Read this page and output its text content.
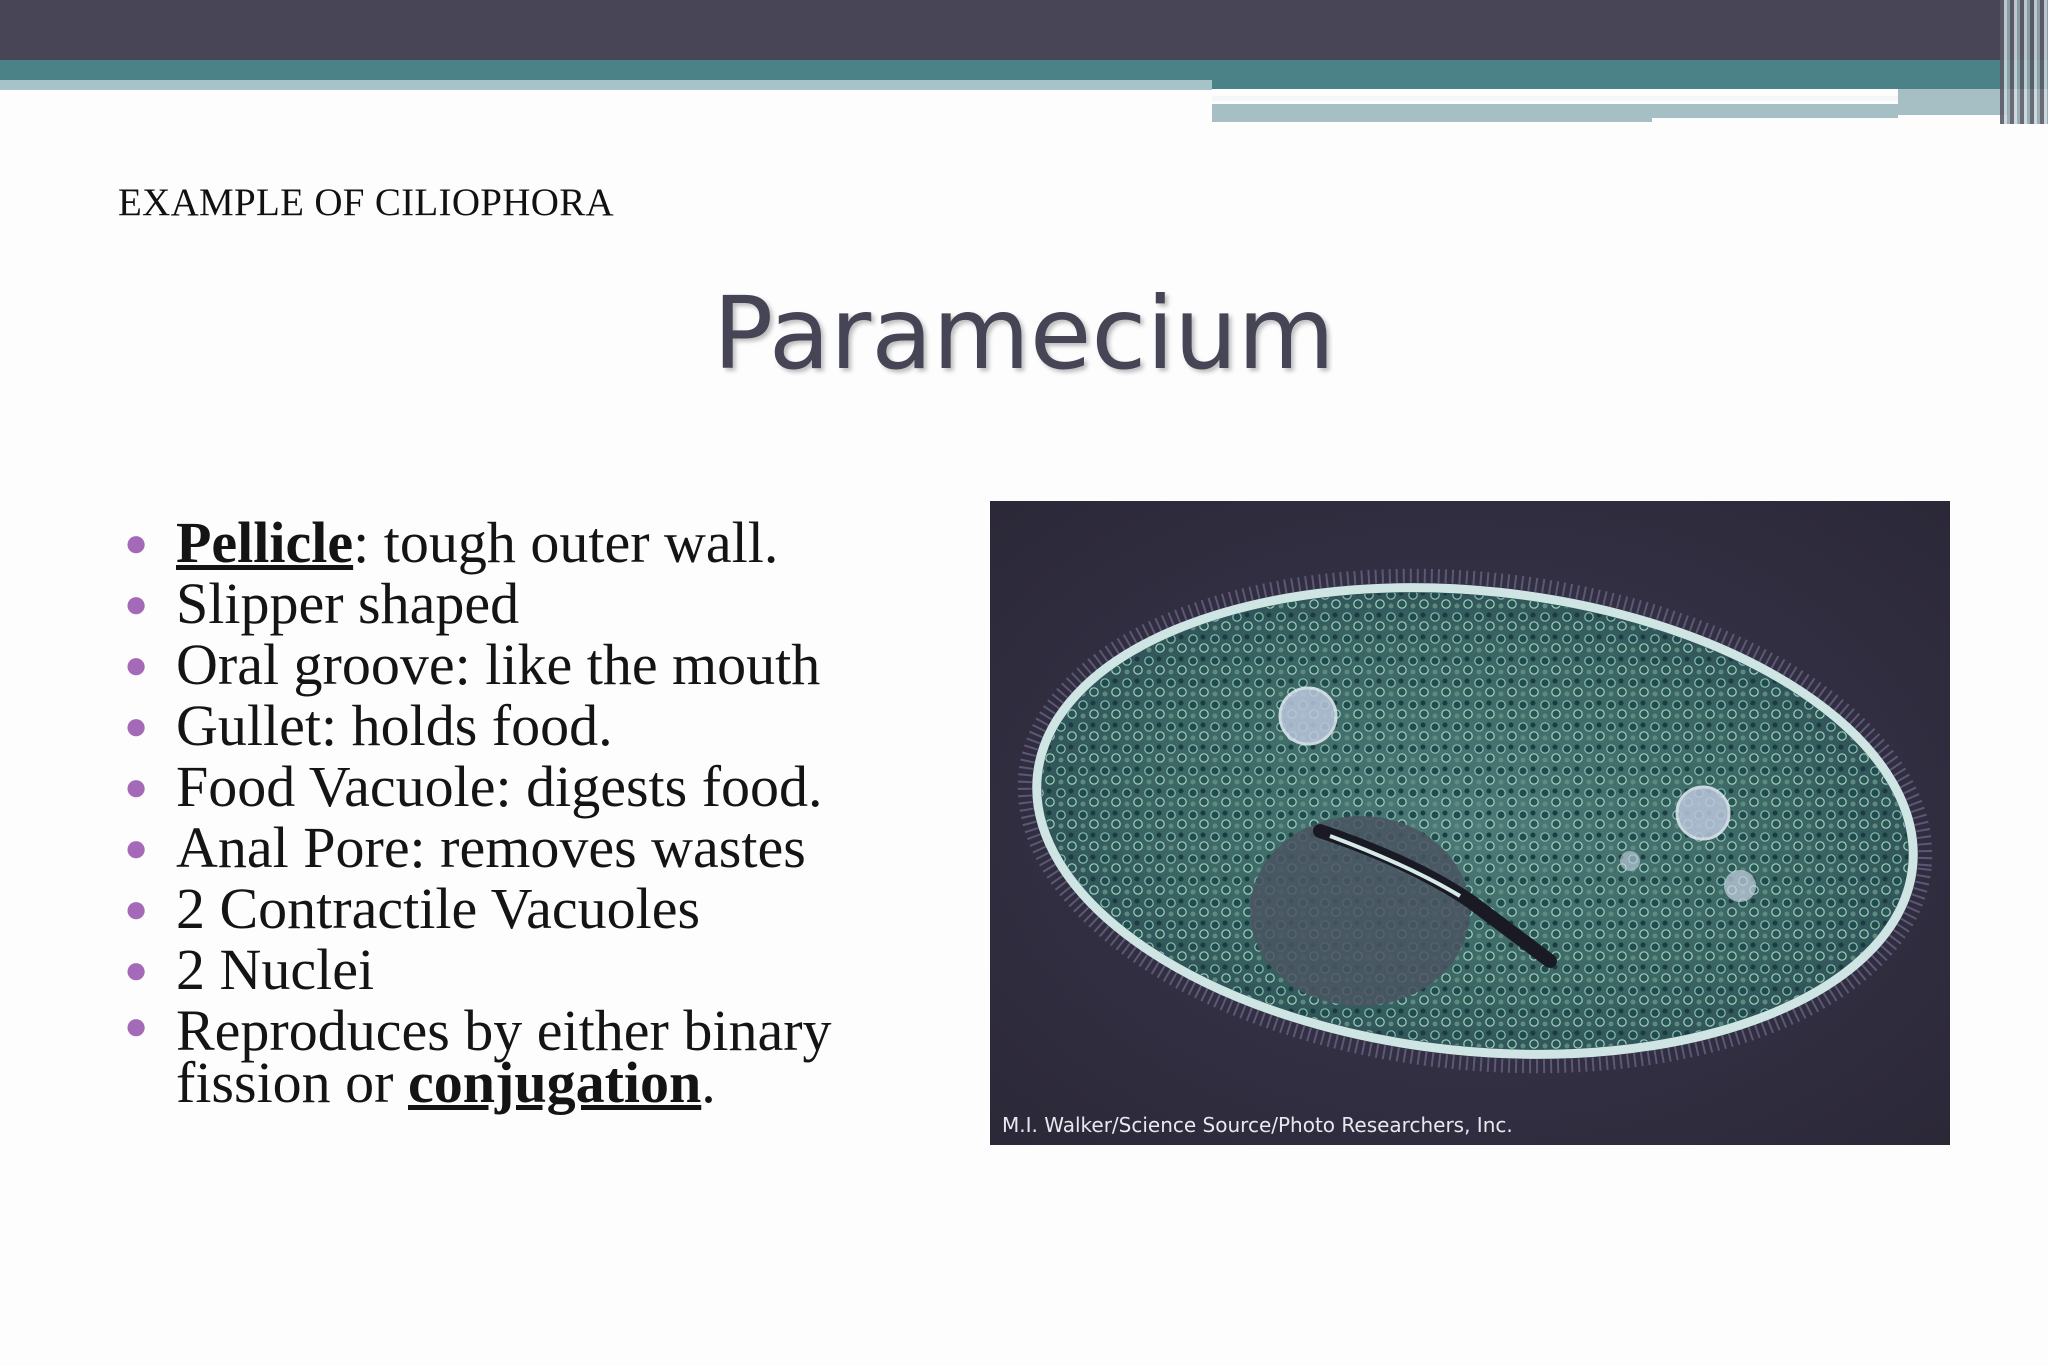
EXAMPLE OF CILIOPHORA
Paramecium
● Pellicle: tough outer wall.
● Slipper shaped
● Oral groove: like the mouth
● Gullet: holds food.
● Food Vacuole: digests food.
● Anal Pore: removes wastes
● 2 Contractile Vacuoles
● 2 Nuclei
● Reproduces by either binary fission or conjugation.
M.I. Walker/Science Source/Photo Researchers, Inc.
